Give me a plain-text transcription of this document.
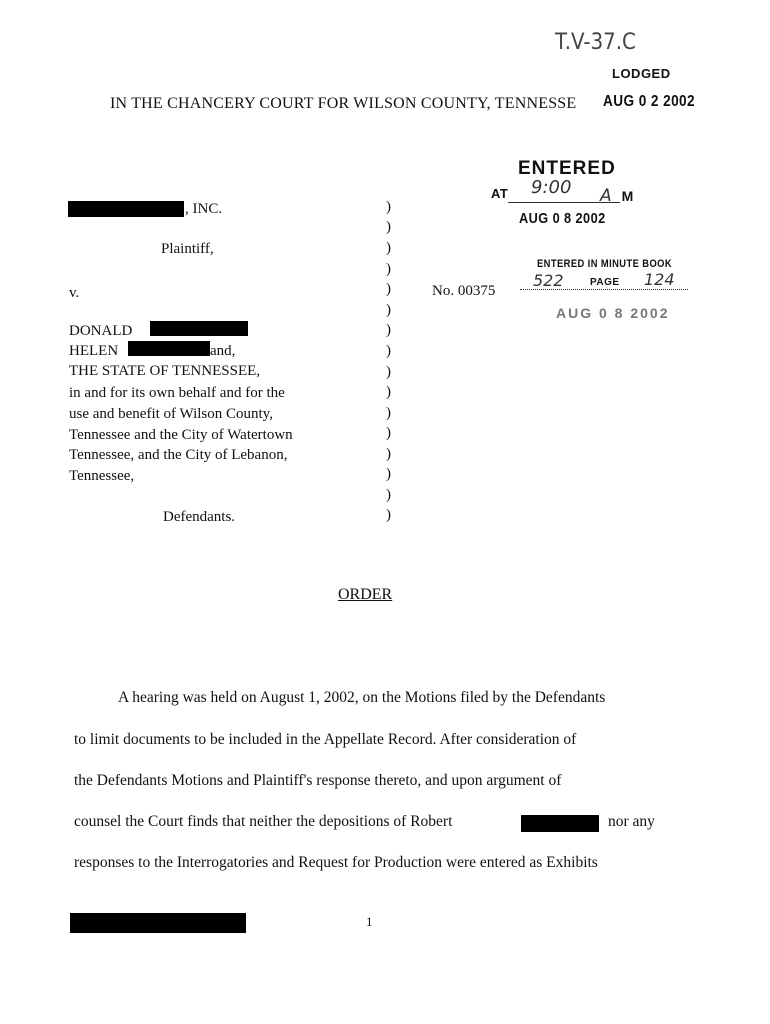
T.V-37.C
LODGED
IN THE CHANCERY COURT FOR WILSON COUNTY, TENNESSE AUG 0 2 2002
ENTERED
AT 9:00 A M
AUG 0 8 2002
ENTERED IN MINUTE BOOK
522	PAGE 124
AUG 0 8 2002
, INC.
Plaintiff,
v.
DONALD
HELEN	and,
THE STATE OF TENNESSEE,
in and for its own behalf and for the
use and benefit of Wilson County,
Tennessee and the City of Watertown
Tennessee, and the City of Lebanon,
Tennessee,
Defendants.
)
)
)
)
)
)
)
)
)
)
)
)
)
)
)
)
No. 00375
ORDER
A hearing was held on August 1, 2002, on the Motions filed by the Defendants
to limit documents to be included in the Appellate Record. After consideration of
the Defendants Motions and Plaintiff's response thereto, and upon argument of
counsel the Court finds that neither the depositions of Robert	nor any
responses to the Interrogatories and Request for Production were entered as Exhibits
1
